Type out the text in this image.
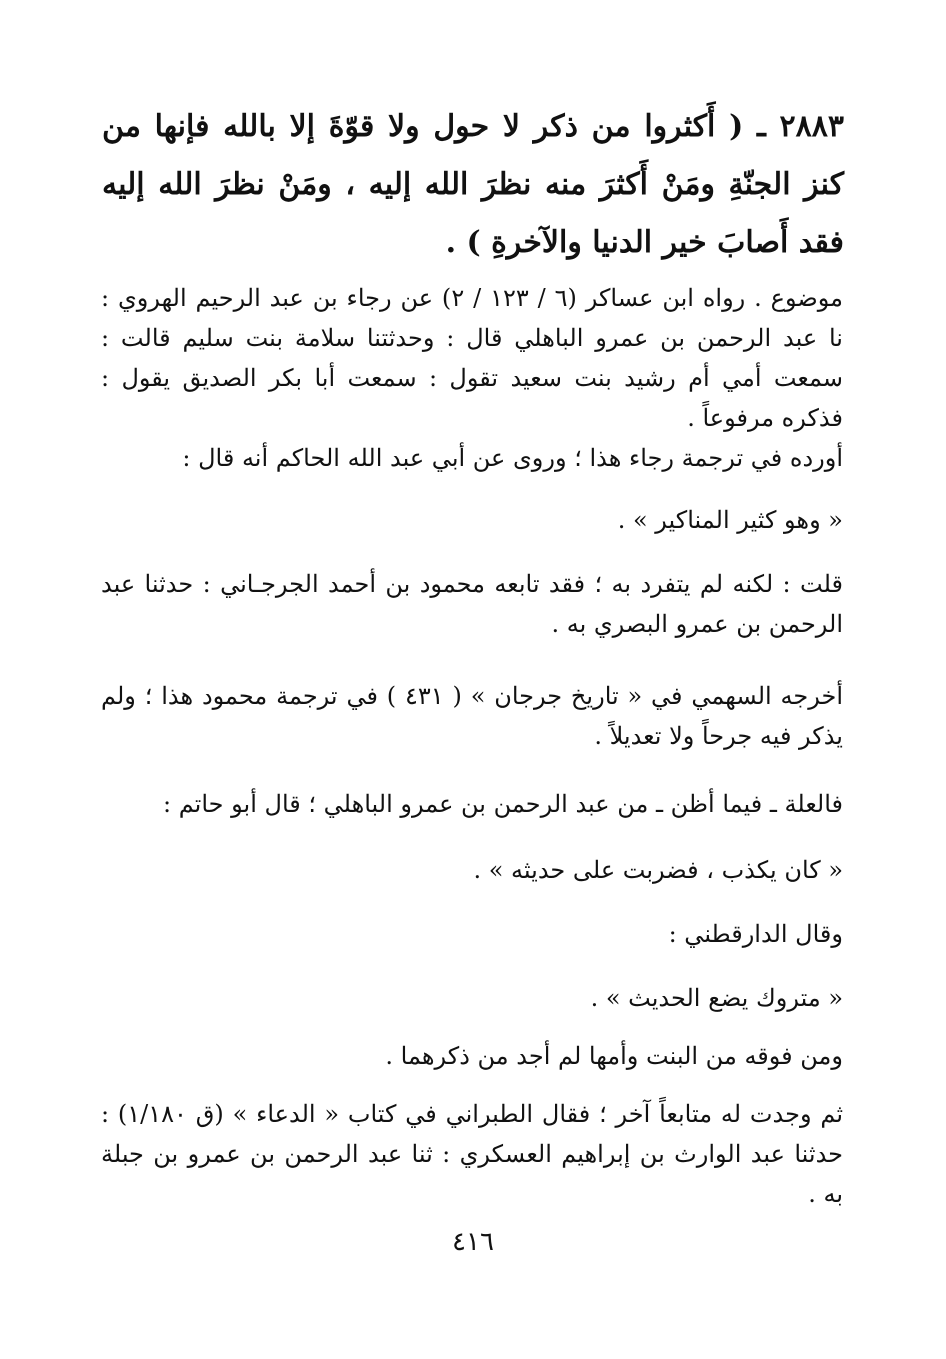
٢٨٨٣ ـ ( أَكثروا من ذكر لا حول ولا قوّةَ إلا بالله فإنها من كنز الجنّةِ ومَنْ أَكثرَ منه نظرَ الله إليه ، ومَنْ نظرَ الله إليه فقد أَصابَ خير الدنيا والآخرةِ ) .
موضوع . رواه ابن عساكر (٦ / ١٢٣ / ٢) عن رجاء بن عبد الرحيم الهروي : نا عبد الرحمن بن عمرو الباهلي قال : وحدثتنا سلامة بنت سليم قالت : سمعت أمي أم رشيد بنت سعيد تقول : سمعت أبا بكر الصديق يقول : فذكره مرفوعاً .
أورده في ترجمة رجاء هذا ؛ وروى عن أبي عبد الله الحاكم أنه قال :
« وهو كثير المناكير » .
قلت : لكنه لم يتفرد به ؛ فقد تابعه محمود بن أحمد الجرجـاني : حدثنا عبد الرحمن بن عمرو البصري به .
أخرجه السهمي في « تاريخ جرجان » ( ٤٣١ ) في ترجمة محمود هذا ؛ ولم يذكر فيه جرحاً ولا تعديلاً .
فالعلة ـ فيما أظن ـ من عبد الرحمن بن عمرو الباهلي ؛ قال أبو حاتم :
« كان يكذب ، فضربت على حديثه » .
وقال الدارقطني :
« متروك يضع الحديث » .
ومن فوقه من البنت وأمها لم أجد من ذكرهما .
ثم وجدت له متابعاً آخر ؛ فقال الطبراني في كتاب « الدعاء » (ق ١/١٨٠) : حدثنا عبد الوارث بن إبراهيم العسكري : ثنا عبد الرحمن بن عمرو بن جبلة به .
٤١٦
